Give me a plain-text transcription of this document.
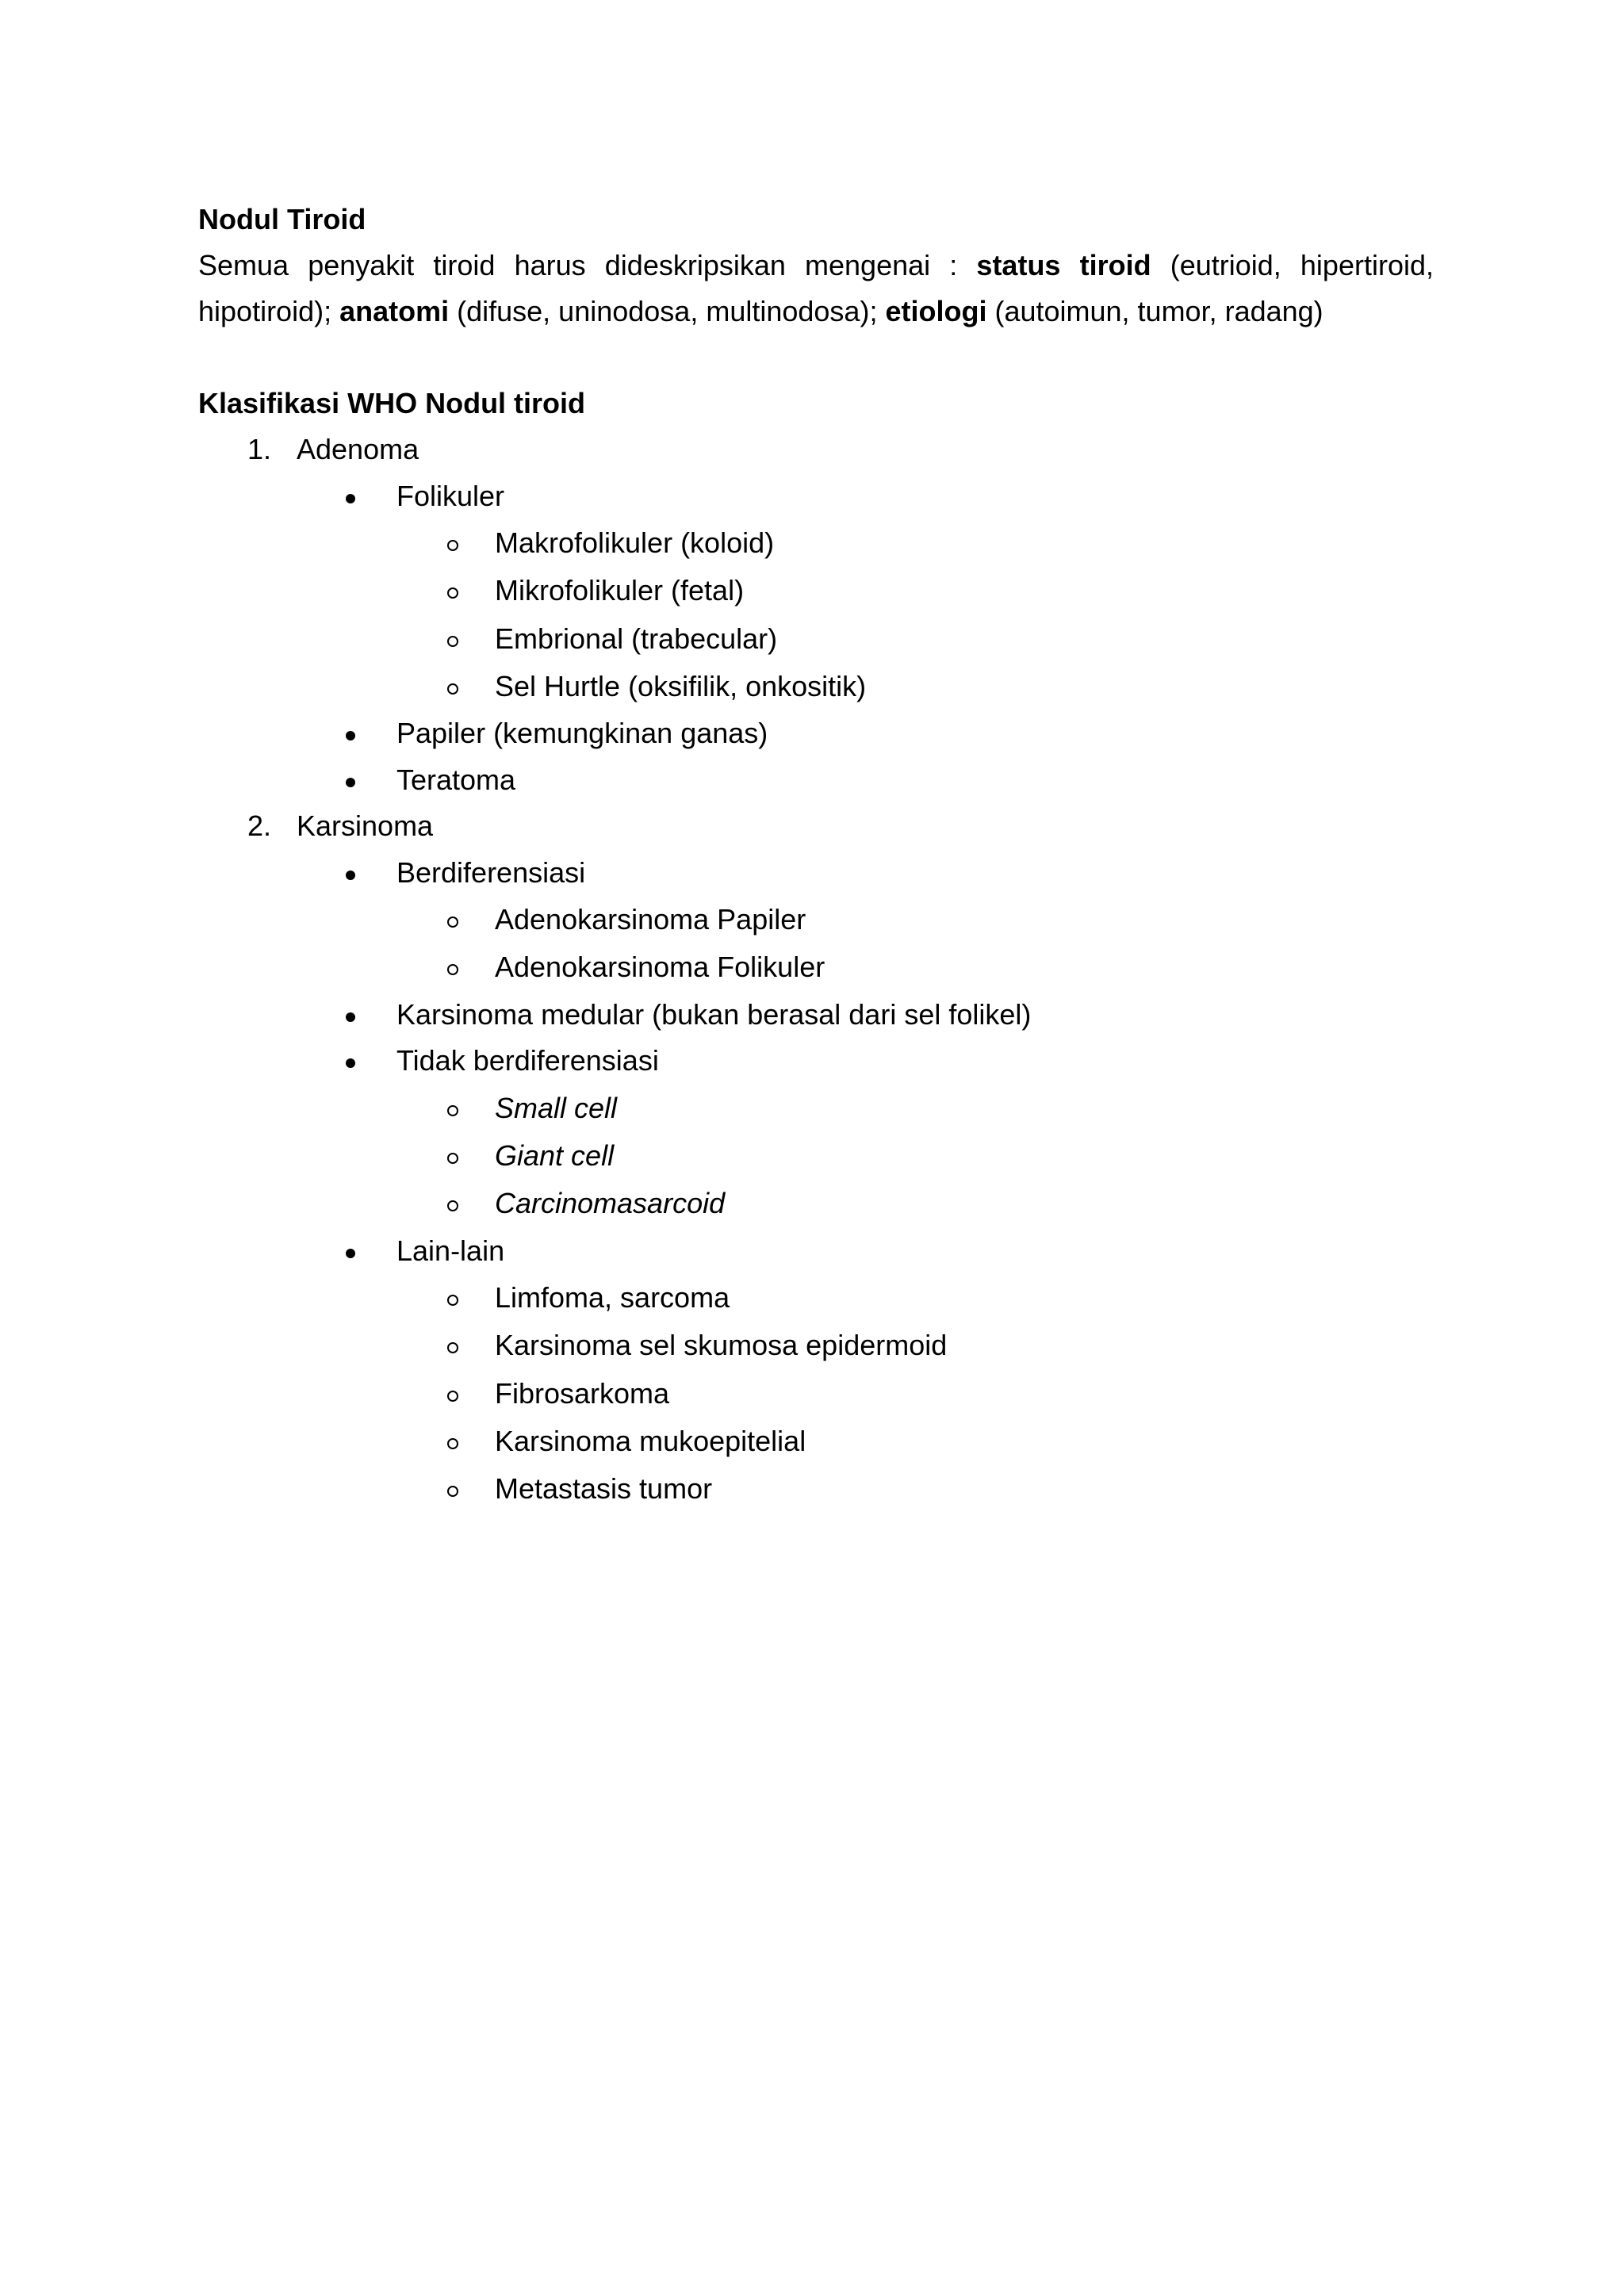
Nodul Tiroid

Semua penyakit tiroid harus dideskripsikan mengenai : status tiroid (eutrioid, hipertiroid, hipotiroid); anatomi (difuse, uninodosa, multinodosa); etiologi (autoimun, tumor, radang)

Klasifikasi WHO Nodul tiroid

1. Adenoma
Folikuler
Makrofolikuler (koloid)
Mikrofolikuler (fetal)
Embrional (trabecular)
Sel Hurtle (oksifilik, onkositik)
Papiler (kemungkinan ganas)
Teratoma
2. Karsinoma
Berdiferensiasi
Adenokarsinoma Papiler
Adenokarsinoma Folikuler
Karsinoma medular (bukan berasal dari sel folikel)
Tidak berdiferensiasi
Small cell
Giant cell
Carcinomasarcoid
Lain-lain
Limfoma, sarcoma
Karsinoma sel skumosa epidermoid
Fibrosarkoma
Karsinoma mukoepitelial
Metastasis tumor
